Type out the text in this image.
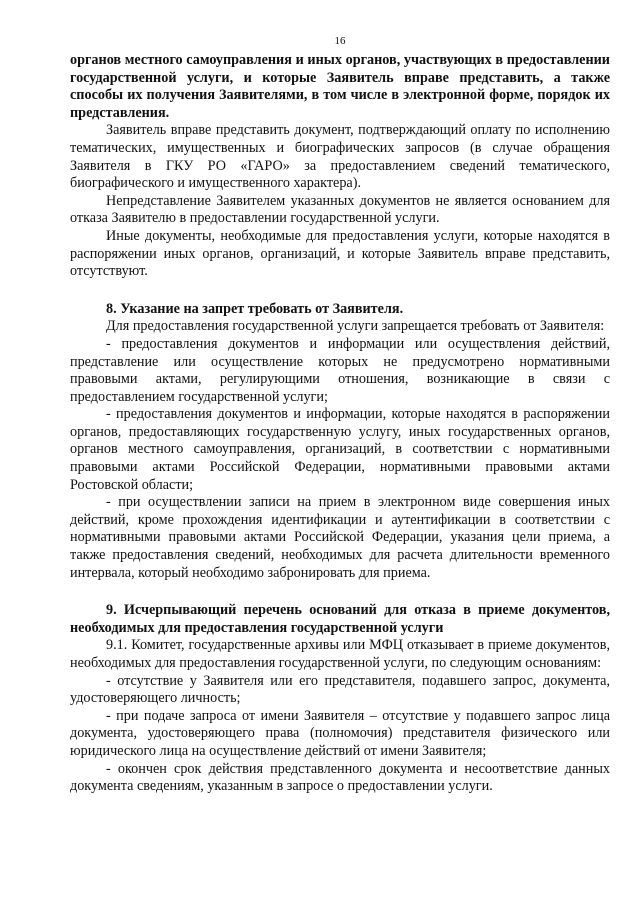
16

органов местного самоуправления и иных органов, участвующих в предоставлении государственной услуги, и которые Заявитель вправе представить, а также способы их получения Заявителями, в том числе в электронной форме, порядок их представления.

Заявитель вправе представить документ, подтверждающий оплату по исполнению тематических, имущественных и биографических запросов (в случае обращения Заявителя в ГКУ РО «ГАРО» за предоставлением сведений тематического, биографического и имущественного характера).

Непредставление Заявителем указанных документов не является основанием для отказа Заявителю в предоставлении государственной услуги.

Иные документы, необходимые для предоставления услуги, которые находятся в распоряжении иных органов, организаций, и которые Заявитель вправе представить, отсутствуют.

8. Указание на запрет требовать от Заявителя.

Для предоставления государственной услуги запрещается требовать от Заявителя:

- предоставления документов и информации или осуществления действий, представление или осуществление которых не предусмотрено нормативными правовыми актами, регулирующими отношения, возникающие в связи с предоставлением государственной услуги;

- предоставления документов и информации, которые находятся в распоряжении органов, предоставляющих государственную услугу, иных государственных органов, органов местного самоуправления, организаций, в соответствии с нормативными правовыми актами Российской Федерации, нормативными правовыми актами Ростовской области;

- при осуществлении записи на прием в электронном виде совершения иных действий, кроме прохождения идентификации и аутентификации в соответствии с нормативными правовыми актами Российской Федерации, указания цели приема, а также предоставления сведений, необходимых для расчета длительности временного интервала, который необходимо забронировать для приема.

9. Исчерпывающий перечень оснований для отказа в приеме документов, необходимых для предоставления государственной услуги

9.1. Комитет, государственные архивы или МФЦ отказывает в приеме документов, необходимых для предоставления государственной услуги, по следующим основаниям:

- отсутствие у Заявителя или его представителя, подавшего запрос, документа, удостоверяющего личность;

- при подаче запроса от имени Заявителя – отсутствие у подавшего запрос лица документа, удостоверяющего права (полномочия) представителя физического или юридического лица на осуществление действий от имени Заявителя;

- окончен срок действия представленного документа и несоответствие данных документа сведениям, указанным в запросе о предоставлении услуги.
